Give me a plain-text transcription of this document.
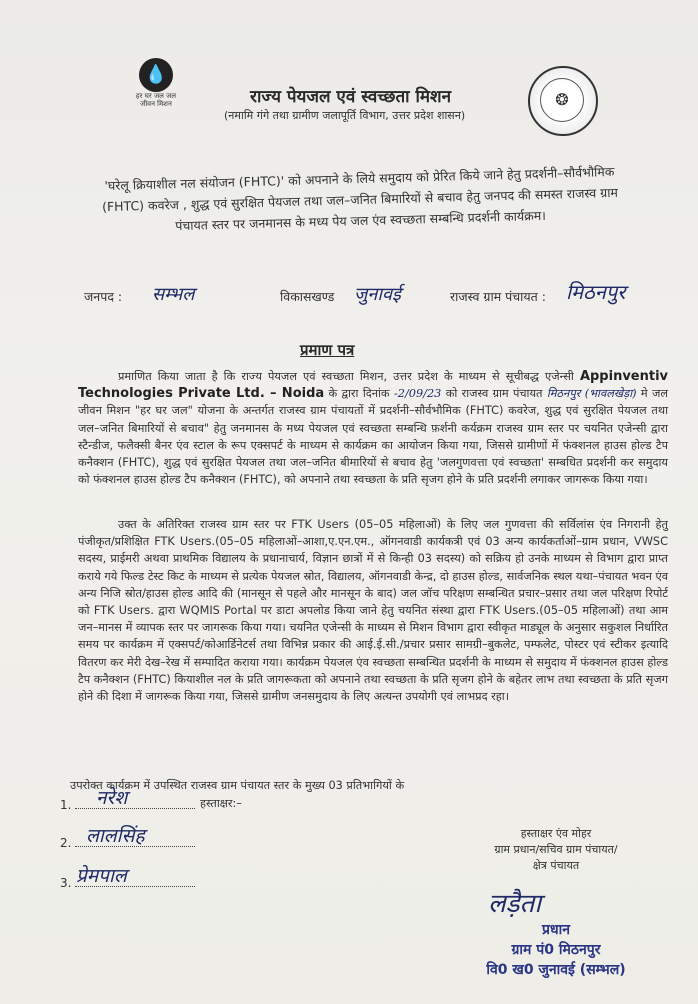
💧
हर घर जल जल जीवन मिशन	❂
राज्य पेयजल एवं स्वच्छता मिशन
(नमामि गंगे तथा ग्रामीण जलापूर्ति विभाग, उत्तर प्रदेश शासन)
'घरेलू क्रियाशील नल संयोजन (FHTC)' को अपनाने के लिये समुदाय को प्रेरित किये जाने हेतु प्रदर्शनी–सौर्वभौमिक (FHTC) कवरेज , शुद्ध एवं सुरक्षित पेयजल तथा जल–जनित बिमारियों से बचाव हेतु जनपद की समस्त राजस्व ग्राम पंचायत स्तर पर जनमानस के मध्य पेय जल एंव स्वच्छता सम्बन्धि प्रदर्शनी कार्यक्रम।
जनपद : सम्भल	विकासखण्ड जुनावई	राजस्व ग्राम पंचायत : मिठनपुर
प्रमाण पत्र
प्रमाणित किया जाता है कि राज्य पेयजल एवं स्वच्छता मिशन, उत्तर प्रदेश के माध्यम से सूचीबद्ध एजेन्सी Appinventiv Technologies Private Ltd. – Noida के द्वारा दिनांक -2/09/23 को राजस्व ग्राम पंचायत मिठनपुर (भावलखेड़ा) मे जल जीवन मिशन "हर घर जल" योजना के अन्तर्गत राजस्व ग्राम पंचायतों में प्रदर्शनी–सौर्वभौमिक (FHTC) कवरेज, शुद्ध एवं सुरक्षित पेयजल तथा जल–जनित बिमारियों से बचाव" हेतु जनमानस के मध्य पेयजल एवं स्वच्छता सम्बन्धि फ़र्शनी कर्यक्रम राजस्व ग्राम स्तर पर चयनित एजेन्सी द्वारा स्टैन्डीज, फलैक्सी बैनर एंव स्टाल के रूप एक्सपर्ट के माध्यम से कार्यक्रम का आयोजन किया गया, जिससे ग्रामीणों में फंक्शनल हाउस होल्ड टैप कनैक्शन (FHTC), शुद्ध एवं सुरक्षित पेयजल तथा जल–जनित बीमारियों से बचाव हेतु 'जलगुणवत्ता एवं स्वच्छता' सम्बधित प्रदर्शनी कर समुदाय को फंक्शनल हाउस होल्ड टैप कनैक्शन (FHTC), को अपनाने तथा स्वच्छता के प्रति सृजग होने के प्रति प्रदर्शनी लगाकर जागरूक किया गया।
उक्त के अतिरिक्त राजस्व ग्राम स्तर पर FTK Users (05–05 महिलाओं) के लिए जल गुणवत्ता की सर्विलांस एंव निगरानी हेतु पंजीकृत/प्रशिक्षित FTK Users.(05–05 महिलाओं–आशा,ए.एन.एम., ऑगनवाडी कार्यकत्री एवं 03 अन्य कार्यकर्ताओं–ग्राम प्रधान, VWSC सदस्य, प्राईमरी अथवा प्राथमिक विद्यालय के प्रधानाचार्य, विज्ञान छात्रों में से किन्ही 03 सदस्य) को सक्रिय हो उनके माध्यम से विभाग द्वारा प्राप्त कराये गये फिल्ड टेस्ट किट के माध्यम से प्रत्येक पेयजल स्रोत, विद्यालय, ऑगनवाडी केन्द्र, दो हाउस होल्ड, सार्वजनिक स्थल यथा–पंचायत भवन एंव अन्य निजि स्रोत/हाउस होल्ड आदि की (मानसून से पहले और मानसून के बाद) जल जॉच परिक्षण सम्बन्धित प्रचार–प्रसार तथा जल परिक्षण रिपोर्ट को FTK Users. द्वारा WQMIS Portal पर डाटा अपलोड किया जाने हेतु चयनित संस्था द्वारा FTK Users.(05–05 महिलाओं) तथा आम जन–मानस में व्यापक स्तर पर जागरूक किया गया। चयनित एजेन्सी के माध्यम से मिशन विभाग द्वारा स्वीकृत माड्यूल के अनुसार सकुशल निर्धारित समय पर कार्यक्रम में एक्सपर्ट/कोआर्डिनेटर्स तथा विभिन्न प्रकार की आई.ई.सी./प्रचार प्रसार सामग्री–बुकलेट, पम्फलेट, पोस्टर एवं स्टीकर इत्यादि वितरण कर मेरी देख–रेख में सम्पादित कराया गया। कार्यक्रम पेयजल एंव स्वच्छता सम्बन्धित प्रदर्शनी के माध्यम से समुदाय में फंक्शनल हाउस होल्ड टैप कनैक्शन (FHTC) कियाशील नल के प्रति जागरूकता को अपनाने तथा स्वच्छता के प्रति सृजग होने के बहेतर लाभ तथा स्वच्छता के प्रति सृजग होने की दिशा में जागरूक किया गया, जिससे ग्रामीण जनसमुदाय के लिए अत्यन्त उपयोगी एवं लाभप्रद रहा।
उपरोक्त कार्यक्रम में उपस्थित राजस्व ग्राम पंचायत स्तर के मुख्य 03 प्रतिभागियों के
हस्ताक्षर:–
1.	नरेश
2. लालसिंह
3. प्रेमपाल
हस्ताक्षर एंव मोहर
ग्राम प्रधान/सचिव ग्राम पंचायत/
क्षेत्र पंचायत
लड़ैता
प्रधान
ग्राम पं0 मिठनपुर
वि0 ख0 जुनावई (सम्भल)
